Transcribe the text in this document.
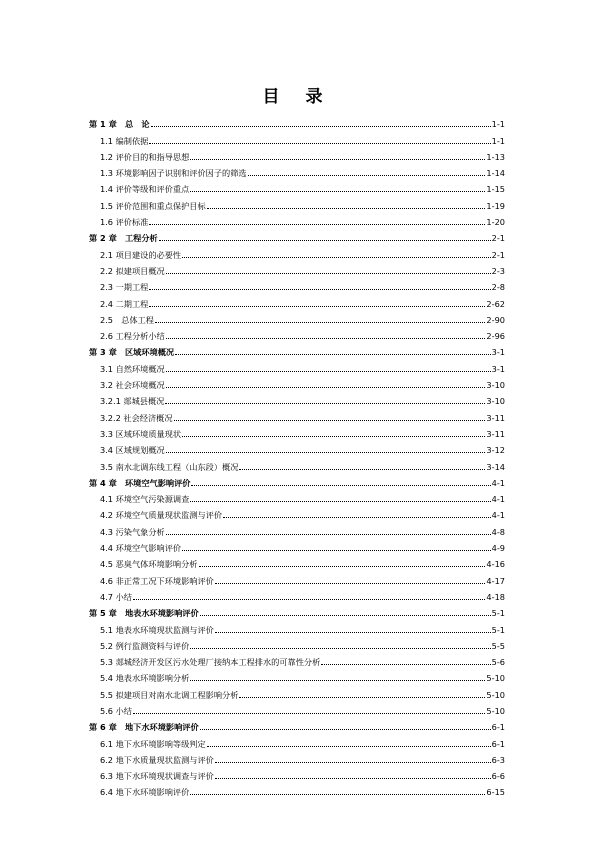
目 录
第 1 章　总　论	1-1
1.1 编制依据	1-1
1.2 评价目的和指导思想	1-13
1.3 环境影响因子识别和评价因子的筛选	1-14
1.4 评价等级和评价重点	1-15
1.5 评价范围和重点保护目标	1-19
1.6 评价标准	1-20
第 2 章　工程分析	2-1
2.1 项目建设的必要性	2-1
2.2 拟建项目概况	2-3
2.3 一期工程	2-8
2.4 二期工程	2-62
2.5　总体工程	2-90
2.6 工程分析小结	2-96
第 3 章　区域环境概况	3-1
3.1 自然环境概况	3-1
3.2 社会环境概况	3-10
3.2.1 郯城县概况	3-10
3.2.2 社会经济概况	3-11
3.3 区域环境质量现状	3-11
3.4 区域规划概况	3-12
3.5 南水北调东线工程（山东段）概况	3-14
第 4 章　环境空气影响评价	4-1
4.1 环境空气污染源调查	4-1
4.2 环境空气质量现状监测与评价	4-1
4.3 污染气象分析	4-8
4.4 环境空气影响评价	4-9
4.5 恶臭气体环境影响分析	4-16
4.6 非正常工况下环境影响评价	4-17
4.7 小结	4-18
第 5 章　地表水环境影响评价	5-1
5.1 地表水环境现状监测与评价	5-1
5.2 例行监测资料与评价	5-5
5.3 郯城经济开发区污水处理厂接纳本工程排水的可靠性分析	5-6
5.4 地表水环境影响分析	5-10
5.5 拟建项目对南水北调工程影响分析	5-10
5.6 小结	5-10
第 6 章　地下水环境影响评价	6-1
6.1 地下水环境影响等级判定	6-1
6.2 地下水质量现状监测与评价	6-3
6.3 地下水环境现状调查与评价	6-6
6.4 地下水环境影响评价	6-15
